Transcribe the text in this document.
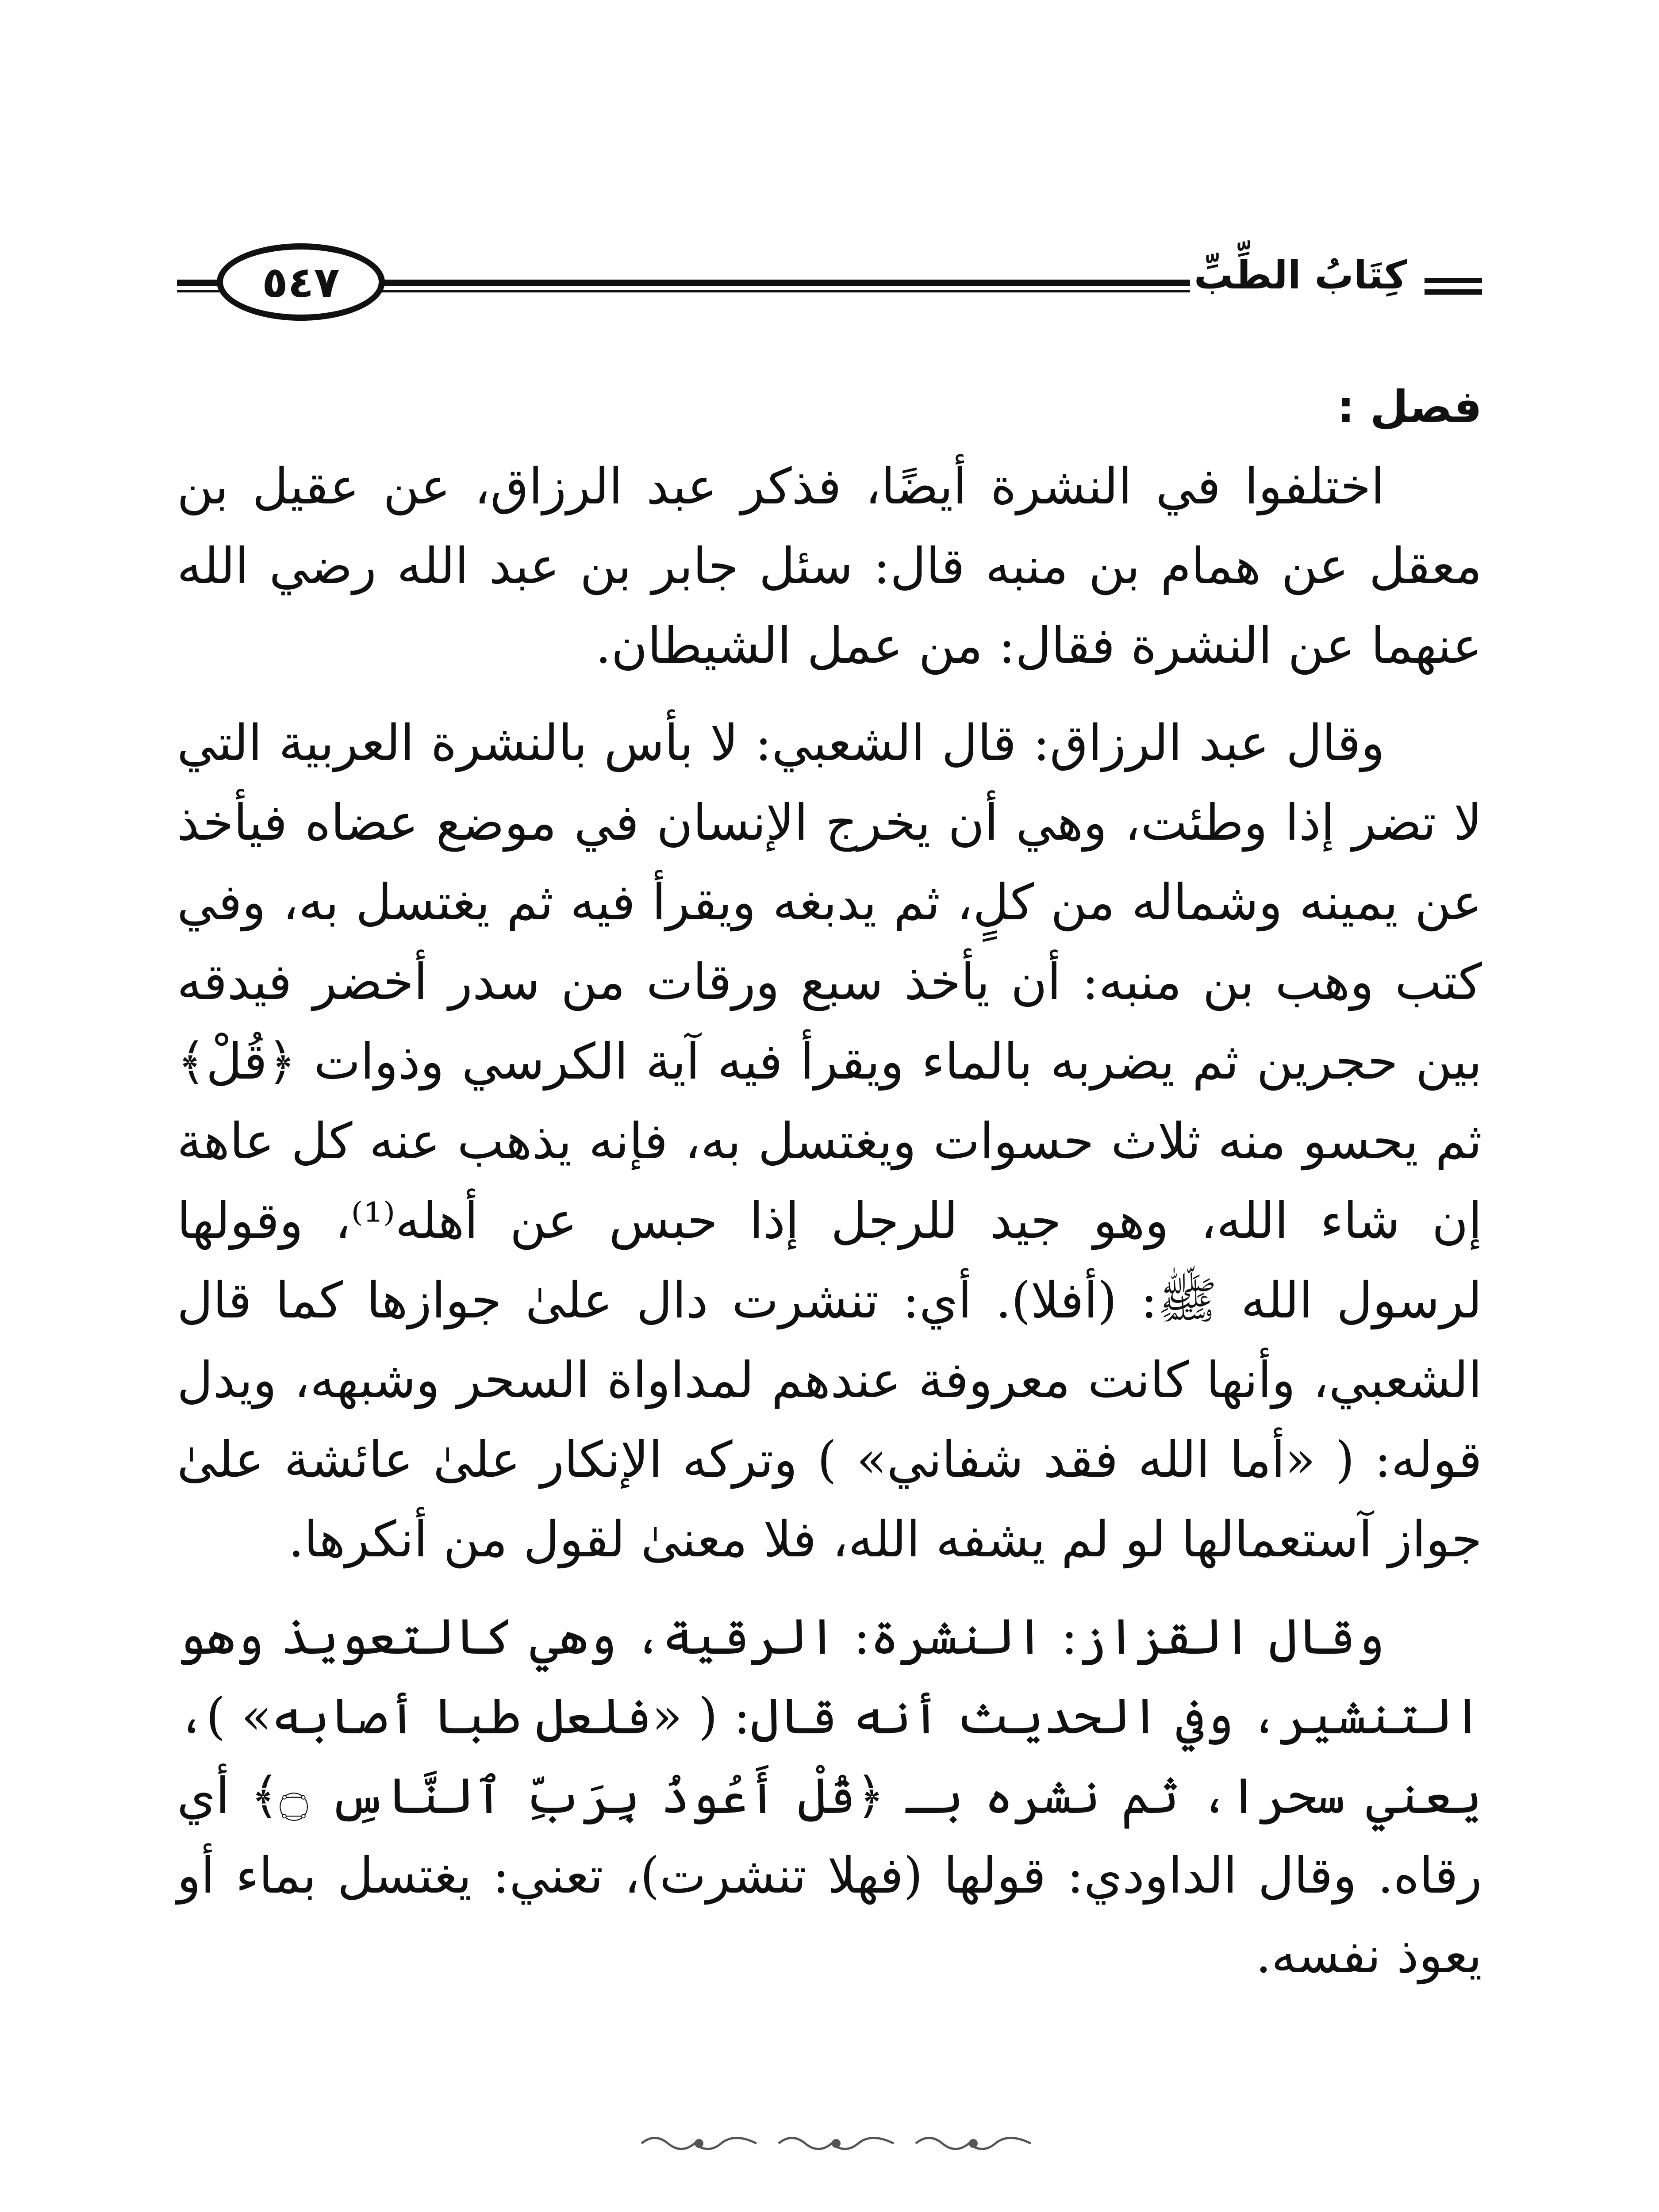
كِتَابُ الطِّبِّ
٥٤٧
فصل :

اختلفوا في النشرة أيضًا، فذكر عبد الرزاق، عن عقيل بن معقل عن همام بن منبه قال: سئل جابر بن عبد الله رضي الله عنهما عن النشرة فقال: من عمل الشيطان.

وقال عبد الرزاق: قال الشعبي: لا بأس بالنشرة العربية التي لا تضر إذا وطئت، وهي أن يخرج الإنسان في موضع عضاه فيأخذ عن يمينه وشماله من كلٍ، ثم يدبغه ويقرأ فيه ثم يغتسل به، وفي كتب وهب بن منبه: أن يأخذ سبع ورقات من سدر أخضر فيدقه بين حجرين ثم يضربه بالماء ويقرأ فيه آية الكرسي وذوات ﴿قُلْ﴾ ثم يحسو منه ثلاث حسوات ويغتسل به، فإنه يذهب عنه كل عاهة إن شاء الله، وهو جيد للرجل إذا حبس عن أهله⁽¹⁾، وقولها لرسول الله ﷺ: (أفلا). أي: تنشرت دال علىٰ جوازها كما قال الشعبي، وأنها كانت معروفة عندهم لمداواة السحر وشبهه، ويدل قوله: ( «أما الله فقد شفاني» ) وتركه الإنكار علىٰ عائشة علىٰ جواز آستعمالها لو لم يشفه الله، فلا معنىٰ لقول من أنكرها.

وقال القزاز: النشرة: الرقية، وهي كالتعويذ وهو التنشير، وفي الحديث أنه قال: ( «فلعل طبا أصابه» )، يعني سحرا، ثم نشره بـ ﴿قُلْ أَعُوذُ بِرَبِّ ٱلنَّاسِ ۝﴾ أي رقاه. وقال الداودي: قولها (فهلا تنشرت)، تعني: يغتسل بماء أو يعوذ نفسه.
